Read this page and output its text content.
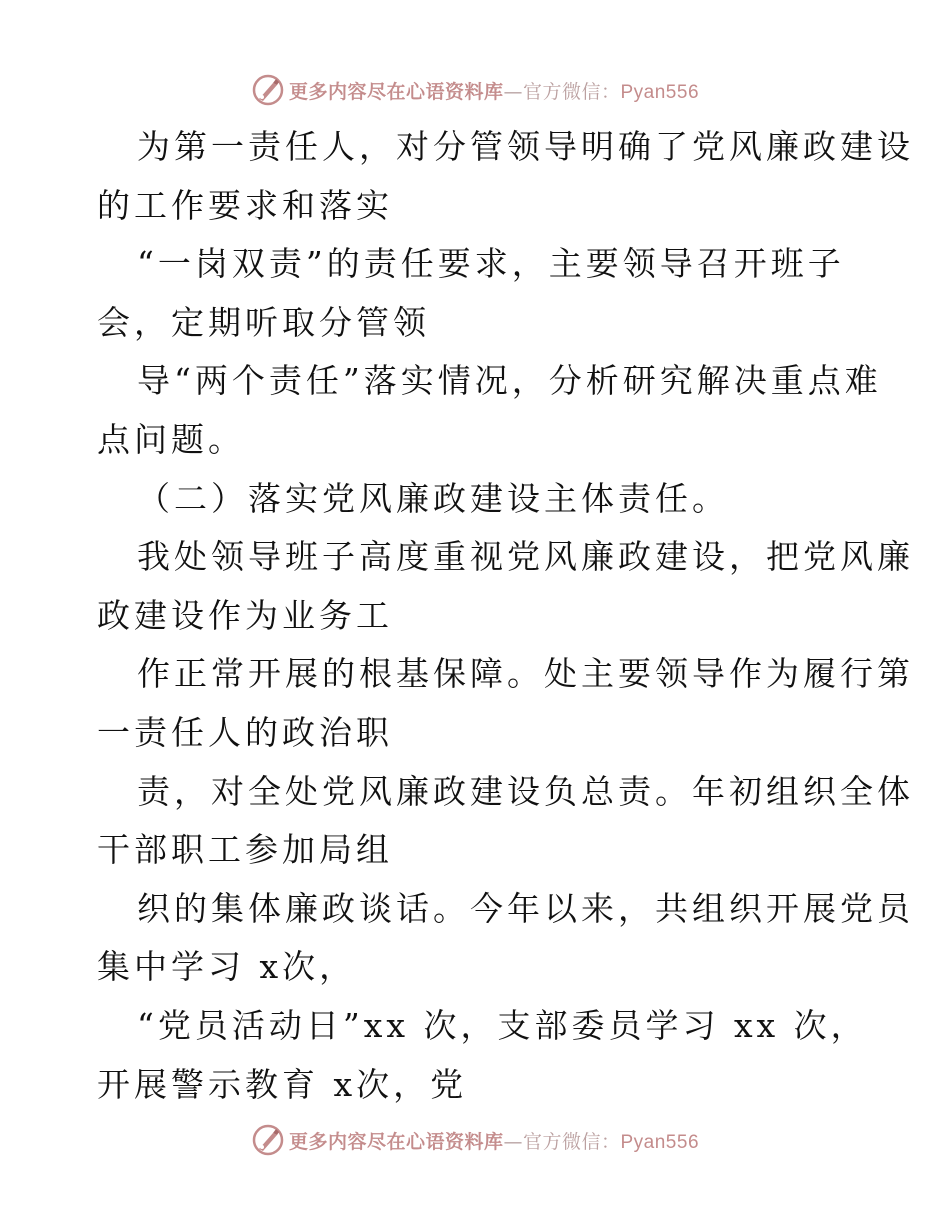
更多内容尽在心语资料库—官方微信：Pyan556
为第一责任人，对分管领导明确了党风廉政建设
的工作要求和落实
“一岗双责”的责任要求，主要领导召开班子
会，定期听取分管领
导“两个责任”落实情况，分析研究解决重点难
点问题。
（二）落实党风廉政建设主体责任。
我处领导班子高度重视党风廉政建设，把党风廉
政建设作为业务工
作正常开展的根基保障。处主要领导作为履行第
一责任人的政治职
责，对全处党风廉政建设负总责。年初组织全体
干部职工参加局组
织的集体廉政谈话。今年以来，共组织开展党员
集中学习 x次，
“党员活动日”xx 次，支部委员学习 xx 次，
开展警示教育 x次，党
更多内容尽在心语资料库—官方微信：Pyan556
